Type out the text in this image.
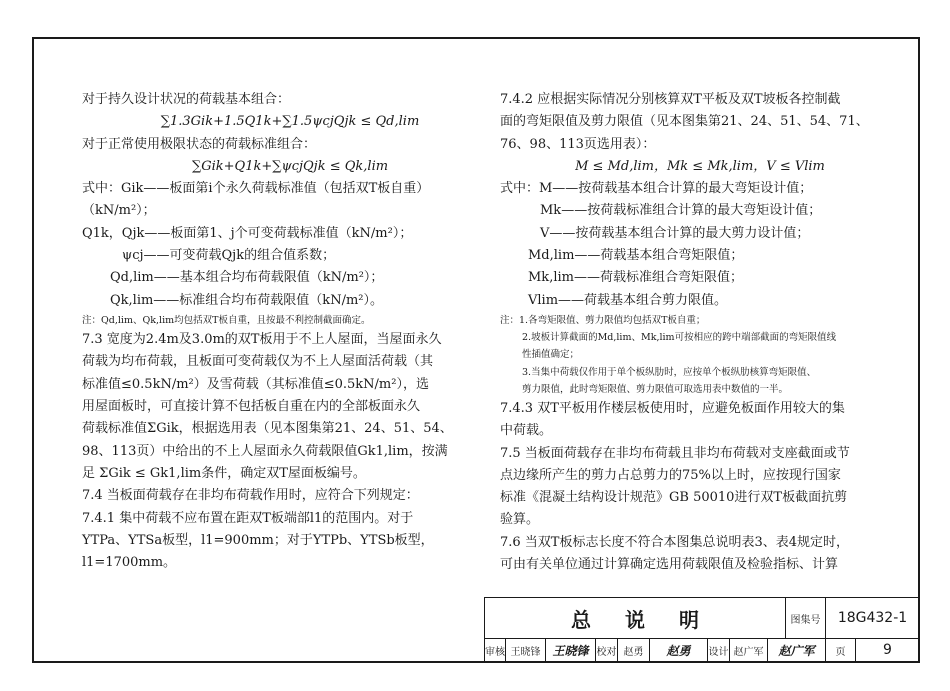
对于持久设计状况的荷载基本组合：

∑1.3Gik+1.5Q1k+∑1.5ψcjQjk ≤ Qd,lim

对于正常使用极限状态的荷载标准组合：

∑Gik+Q1k+∑ψcjQjk ≤ Qk,lim

式中：Gik——板面第i个永久荷载标准值（包括双T板自重）

（kN/m²）；

Q1k，Qjk——板面第1、j个可变荷载标准值（kN/m²）；

ψcj——可变荷载Qjk的组合值系数；

Qd,lim——基本组合均布荷载限值（kN/m²）；

Qk,lim——标准组合均布荷载限值（kN/m²）。

注：Qd,lim、Qk,lim均包括双T板自重，且按最不利控制截面确定。

7.3 宽度为2.4m及3.0m的双T板用于不上人屋面，当屋面永久

荷载为均布荷载，且板面可变荷载仅为不上人屋面活荷载（其

标准值≤0.5kN/m²）及雪荷载（其标准值≤0.5kN/m²），选

用屋面板时，可直接计算不包括板自重在内的全部板面永久

荷载标准值ΣGik，根据选用表（见本图集第21、24、51、54、

98、113页）中给出的不上人屋面永久荷载限值Gk1,lim，按满

足 ΣGik ≤ Gk1,lim条件，确定双T屋面板编号。

7.4 当板面荷载存在非均布荷载作用时，应符合下列规定：

7.4.1 集中荷载不应布置在距双T板端部l1的范围内。对于

YTPa、YTSa板型，l1=900mm；对于YTPb、YTSb板型，

l1=1700mm。

7.4.2 应根据实际情况分别核算双T平板及双T坡板各控制截

面的弯矩限值及剪力限值（见本图集第21、24、51、54、71、

76、98、113页选用表）：

M ≤ Md,lim，Mk ≤ Mk,lim，V ≤ Vlim

式中：M——按荷载基本组合计算的最大弯矩设计值；

Mk——按荷载标准组合计算的最大弯矩设计值；

V——按荷载基本组合计算的最大剪力设计值；

Md,lim——荷载基本组合弯矩限值；

Mk,lim——荷载标准组合弯矩限值；

Vlim——荷载基本组合剪力限值。

注：1.各弯矩限值、剪力限值均包括双T板自重；

2.坡板计算截面的Md,lim、Mk,lim可按相应的跨中端部截面的弯矩限值线

性插值确定；

3.当集中荷载仅作用于单个板纵肋时，应按单个板纵肋核算弯矩限值、

剪力限值，此时弯矩限值、剪力限值可取选用表中数值的一半。

7.4.3 双T平板用作楼层板使用时，应避免板面作用较大的集

中荷载。

7.5 当板面荷载存在非均布荷载且非均布荷载对支座截面或节

点边缘所产生的剪力占总剪力的75%以上时，应按现行国家

标准《混凝土结构设计规范》GB 50010进行双T板截面抗剪

验算。

7.6 当双T板标志长度不符合本图集总说明表3、表4规定时，

可由有关单位通过计算确定选用荷载限值及检验指标、计算

总说明	图集号	18G432-1
审核 王晓锋 王晓锋 校对 赵勇	赵勇	设计 赵广军	赵广军	页	9
